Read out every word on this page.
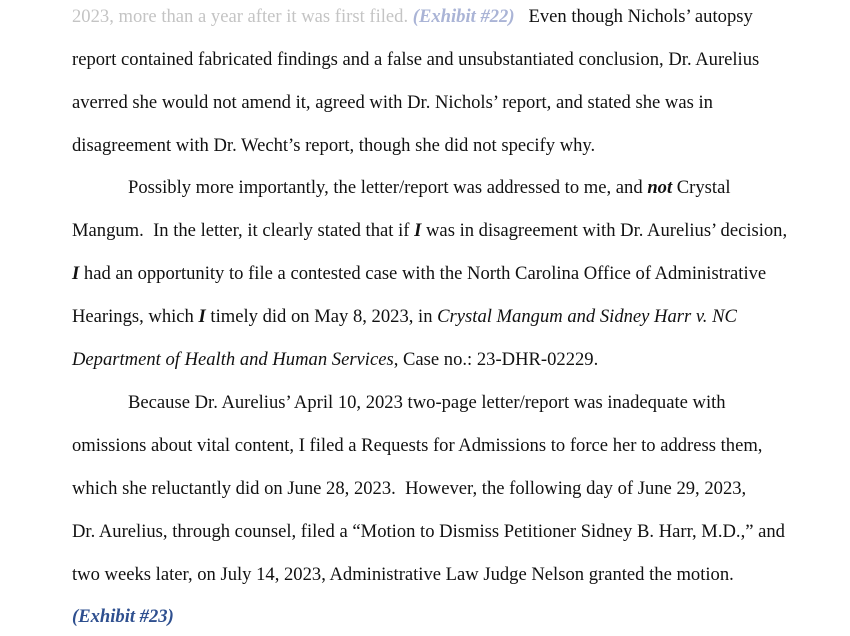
2023, more than a year after it was first filed. (Exhibit #22)   Even though Nichols’ autopsy
report contained fabricated findings and a false and unsubstantiated conclusion, Dr. Aurelius
averred she would not amend it, agreed with Dr. Nichols’ report, and stated she was in
disagreement with Dr. Wecht’s report, though she did not specify why.
Possibly more importantly, the letter/report was addressed to me, and not Crystal
Mangum.  In the letter, it clearly stated that if I was in disagreement with Dr. Aurelius’ decision,
I had an opportunity to file a contested case with the North Carolina Office of Administrative
Hearings, which I timely did on May 8, 2023, in Crystal Mangum and Sidney Harr v. NC
Department of Health and Human Services, Case no.: 23-DHR-02229.
Because Dr. Aurelius’ April 10, 2023 two-page letter/report was inadequate with
omissions about vital content, I filed a Requests for Admissions to force her to address them,
which she reluctantly did on June 28, 2023.  However, the following day of June 29, 2023,
Dr. Aurelius, through counsel, filed a “Motion to Dismiss Petitioner Sidney B. Harr, M.D.,” and
two weeks later, on July 14, 2023, Administrative Law Judge Nelson granted the motion.
(Exhibit #23)
